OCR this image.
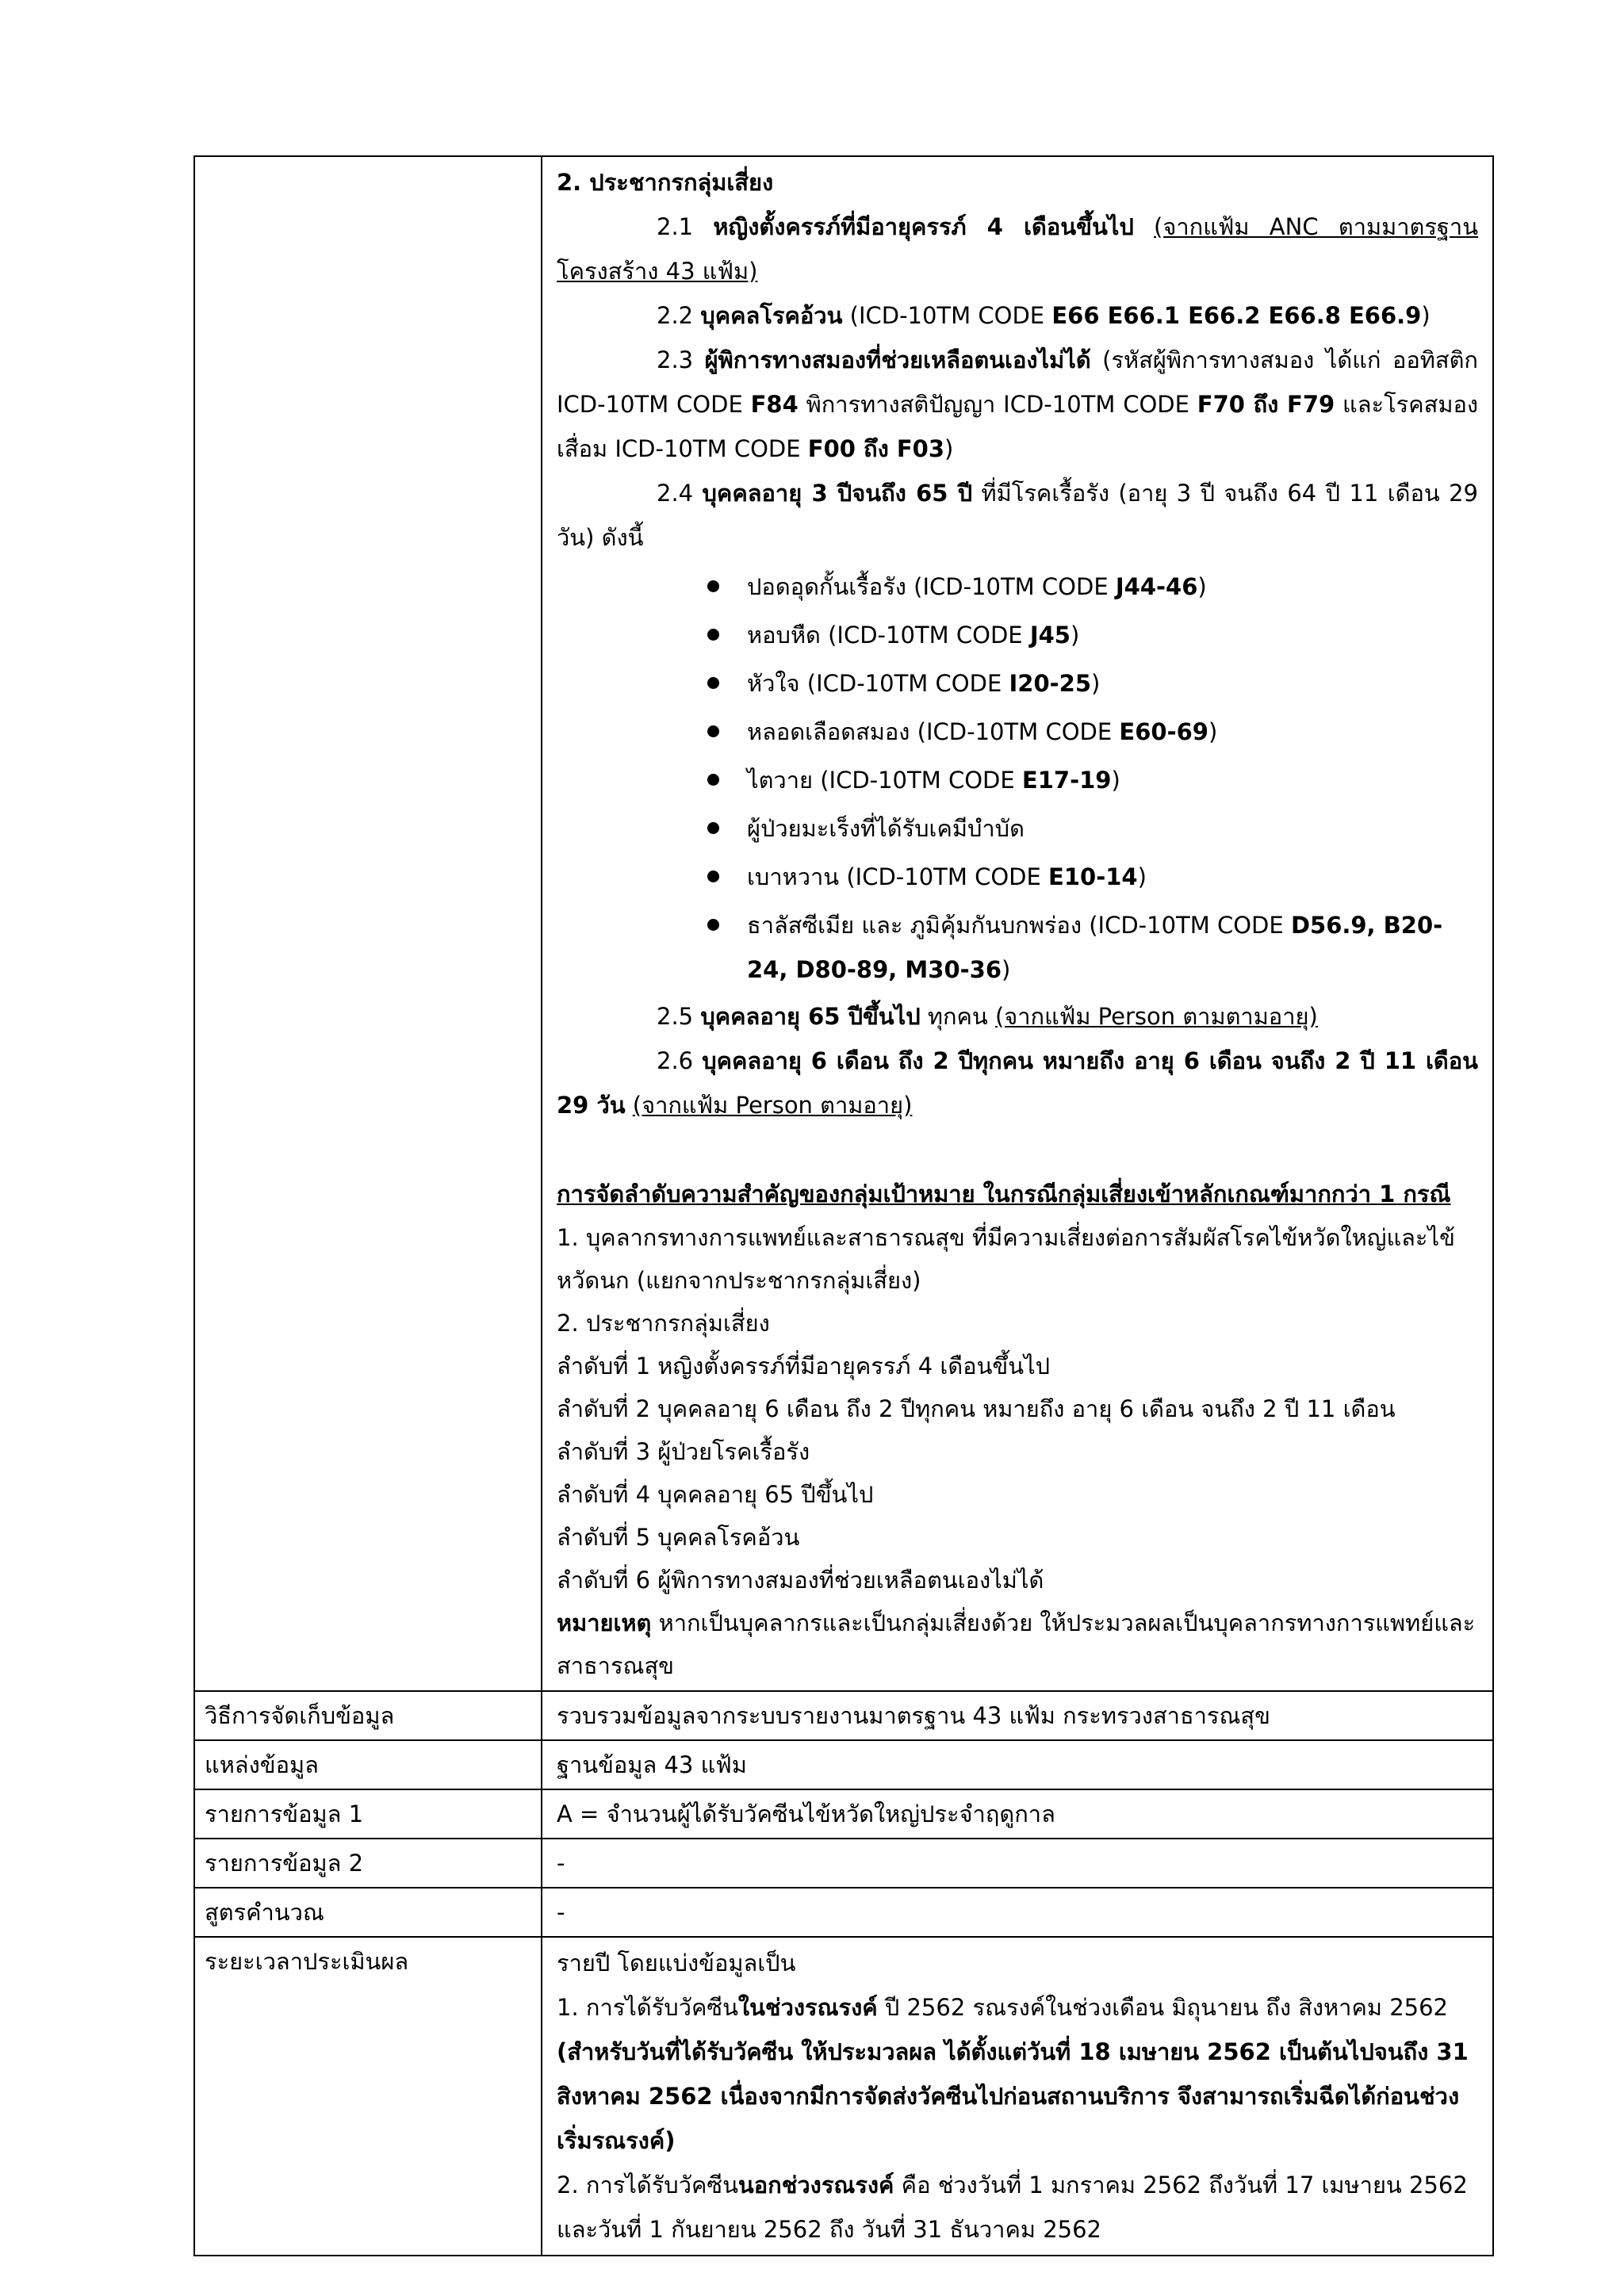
2. ประชากรกลุ่มเสี่ยง

2.1 หญิงตั้งครรภ์ที่มีอายุครรภ์ 4 เดือนขึ้นไป (จากแฟ้ม ANC ตามมาตรฐานโครงสร้าง 43 แฟ้ม)

2.2 บุคคลโรคอ้วน (ICD-10TM CODE E66 E66.1 E66.2 E66.8 E66.9)

2.3 ผู้พิการทางสมองที่ช่วยเหลือตนเองไม่ได้ (รหัสผู้พิการทางสมอง ได้แก่ ออทิสติก ICD-10TM CODE F84 พิการทางสติปัญญา ICD-10TM CODE F70 ถึง F79 และโรคสมองเสื่อม ICD-10TM CODE F00 ถึง F03)

2.4 บุคคลอายุ 3 ปีจนถึง 65 ปี ที่มีโรคเรื้อรัง (อายุ 3 ปี จนถึง 64 ปี 11 เดือน 29 วัน) ดังนี้

ปอดอุดกั้นเรื้อรัง (ICD-10TM CODE J44-46)
หอบหืด (ICD-10TM CODE J45)
หัวใจ (ICD-10TM CODE I20-25)
หลอดเลือดสมอง (ICD-10TM CODE E60-69)
ไตวาย (ICD-10TM CODE E17-19)
ผู้ป่วยมะเร็งที่ได้รับเคมีบำบัด
เบาหวาน (ICD-10TM CODE E10-14)
ธาลัสซีเมีย และ ภูมิคุ้มกันบกพร่อง (ICD-10TM CODE D56.9, B20-24, D80-89, M30-36)

2.5 บุคคลอายุ 65 ปีขึ้นไป ทุกคน (จากแฟ้ม Person ตามตามอายุ)

2.6 บุคคลอายุ 6 เดือน ถึง 2 ปีทุกคน หมายถึง อายุ 6 เดือน จนถึง 2 ปี 11 เดือน 29 วัน (จากแฟ้ม Person ตามอายุ)

การจัดลำดับความสำคัญของกลุ่มเป้าหมาย ในกรณีกลุ่มเสี่ยงเข้าหลักเกณฑ์มากกว่า 1 กรณี

1. บุคลากรทางการแพทย์และสาธารณสุข ที่มีความเสี่ยงต่อการสัมผัสโรคไข้หวัดใหญ่และไข้หวัดนก (แยกจากประชากรกลุ่มเสี่ยง)

2. ประชากรกลุ่มเสี่ยง

ลำดับที่ 1 หญิงตั้งครรภ์ที่มีอายุครรภ์ 4 เดือนขึ้นไป

ลำดับที่ 2 บุคคลอายุ 6 เดือน ถึง 2 ปีทุกคน หมายถึง อายุ 6 เดือน จนถึง 2 ปี 11 เดือน

ลำดับที่ 3 ผู้ป่วยโรคเรื้อรัง

ลำดับที่ 4 บุคคลอายุ 65 ปีขึ้นไป

ลำดับที่ 5 บุคคลโรคอ้วน

ลำดับที่ 6 ผู้พิการทางสมองที่ช่วยเหลือตนเองไม่ได้

หมายเหตุ หากเป็นบุคลากรและเป็นกลุ่มเสี่ยงด้วย ให้ประมวลผลเป็นบุคลากรทางการแพทย์และสาธารณสุข

วิธีการจัดเก็บข้อมูล	รวบรวมข้อมูลจากระบบรายงานมาตรฐาน 43 แฟ้ม กระทรวงสาธารณสุข
แหล่งข้อมูล	ฐานข้อมูล 43 แฟ้ม
รายการข้อมูล 1	A = จำนวนผู้ได้รับวัคซีนไข้หวัดใหญ่ประจำฤดูกาล
รายการข้อมูล 2	-
สูตรคำนวณ	-
ระยะเวลาประเมินผล	รายปี โดยแบ่งข้อมูลเป็น

1. การได้รับวัคซีนในช่วงรณรงค์ ปี 2562 รณรงค์ในช่วงเดือน มิถุนายน ถึง สิงหาคม 2562 (สำหรับวันที่ได้รับวัคซีน ให้ประมวลผล ได้ตั้งแต่วันที่ 18 เมษายน 2562 เป็นต้นไปจนถึง 31 สิงหาคม 2562 เนื่องจากมีการจัดส่งวัคซีนไปก่อนสถานบริการ จึงสามารถเริ่มฉีดได้ก่อนช่วงเริ่มรณรงค์)

2. การได้รับวัคซีนนอกช่วงรณรงค์ คือ ช่วงวันที่ 1 มกราคม 2562 ถึงวันที่ 17 เมษายน 2562 และวันที่ 1 กันยายน 2562 ถึง วันที่ 31 ธันวาคม 2562
